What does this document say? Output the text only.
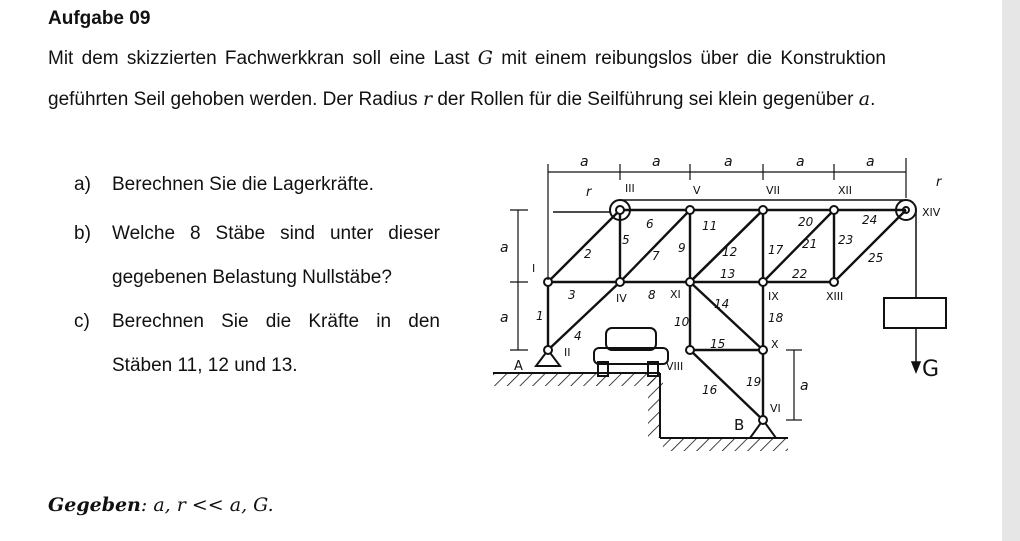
Aufgabe 09
Mit dem skizzierten Fachwerkkran soll eine Last G mit einem reibungslos über die Konstruktion geführten Seil gehoben werden. Der Radius r der Rollen für die Seilführung sei klein gegenüber a.
a) Berechnen Sie die Lagerkräfte.
b) Welche 8 Stäbe sind unter dieser gegebenen Belastung Nullstäbe?
c) Berechnen Sie die Kräfte in den Stäben 11, 12 und 13.
Gegeben: a, r << a, G.
a	a	a	a	a
a
a
a
I
III	V	VII	XII
II
IV	XI	IX	XIII
VIII
X
VI
XIV
1
2
3
4
5
6
7
8
9
10
11
12
13
14
15
16
17
18
19
20
21
22
23
24
25
A
B
r
r
G
